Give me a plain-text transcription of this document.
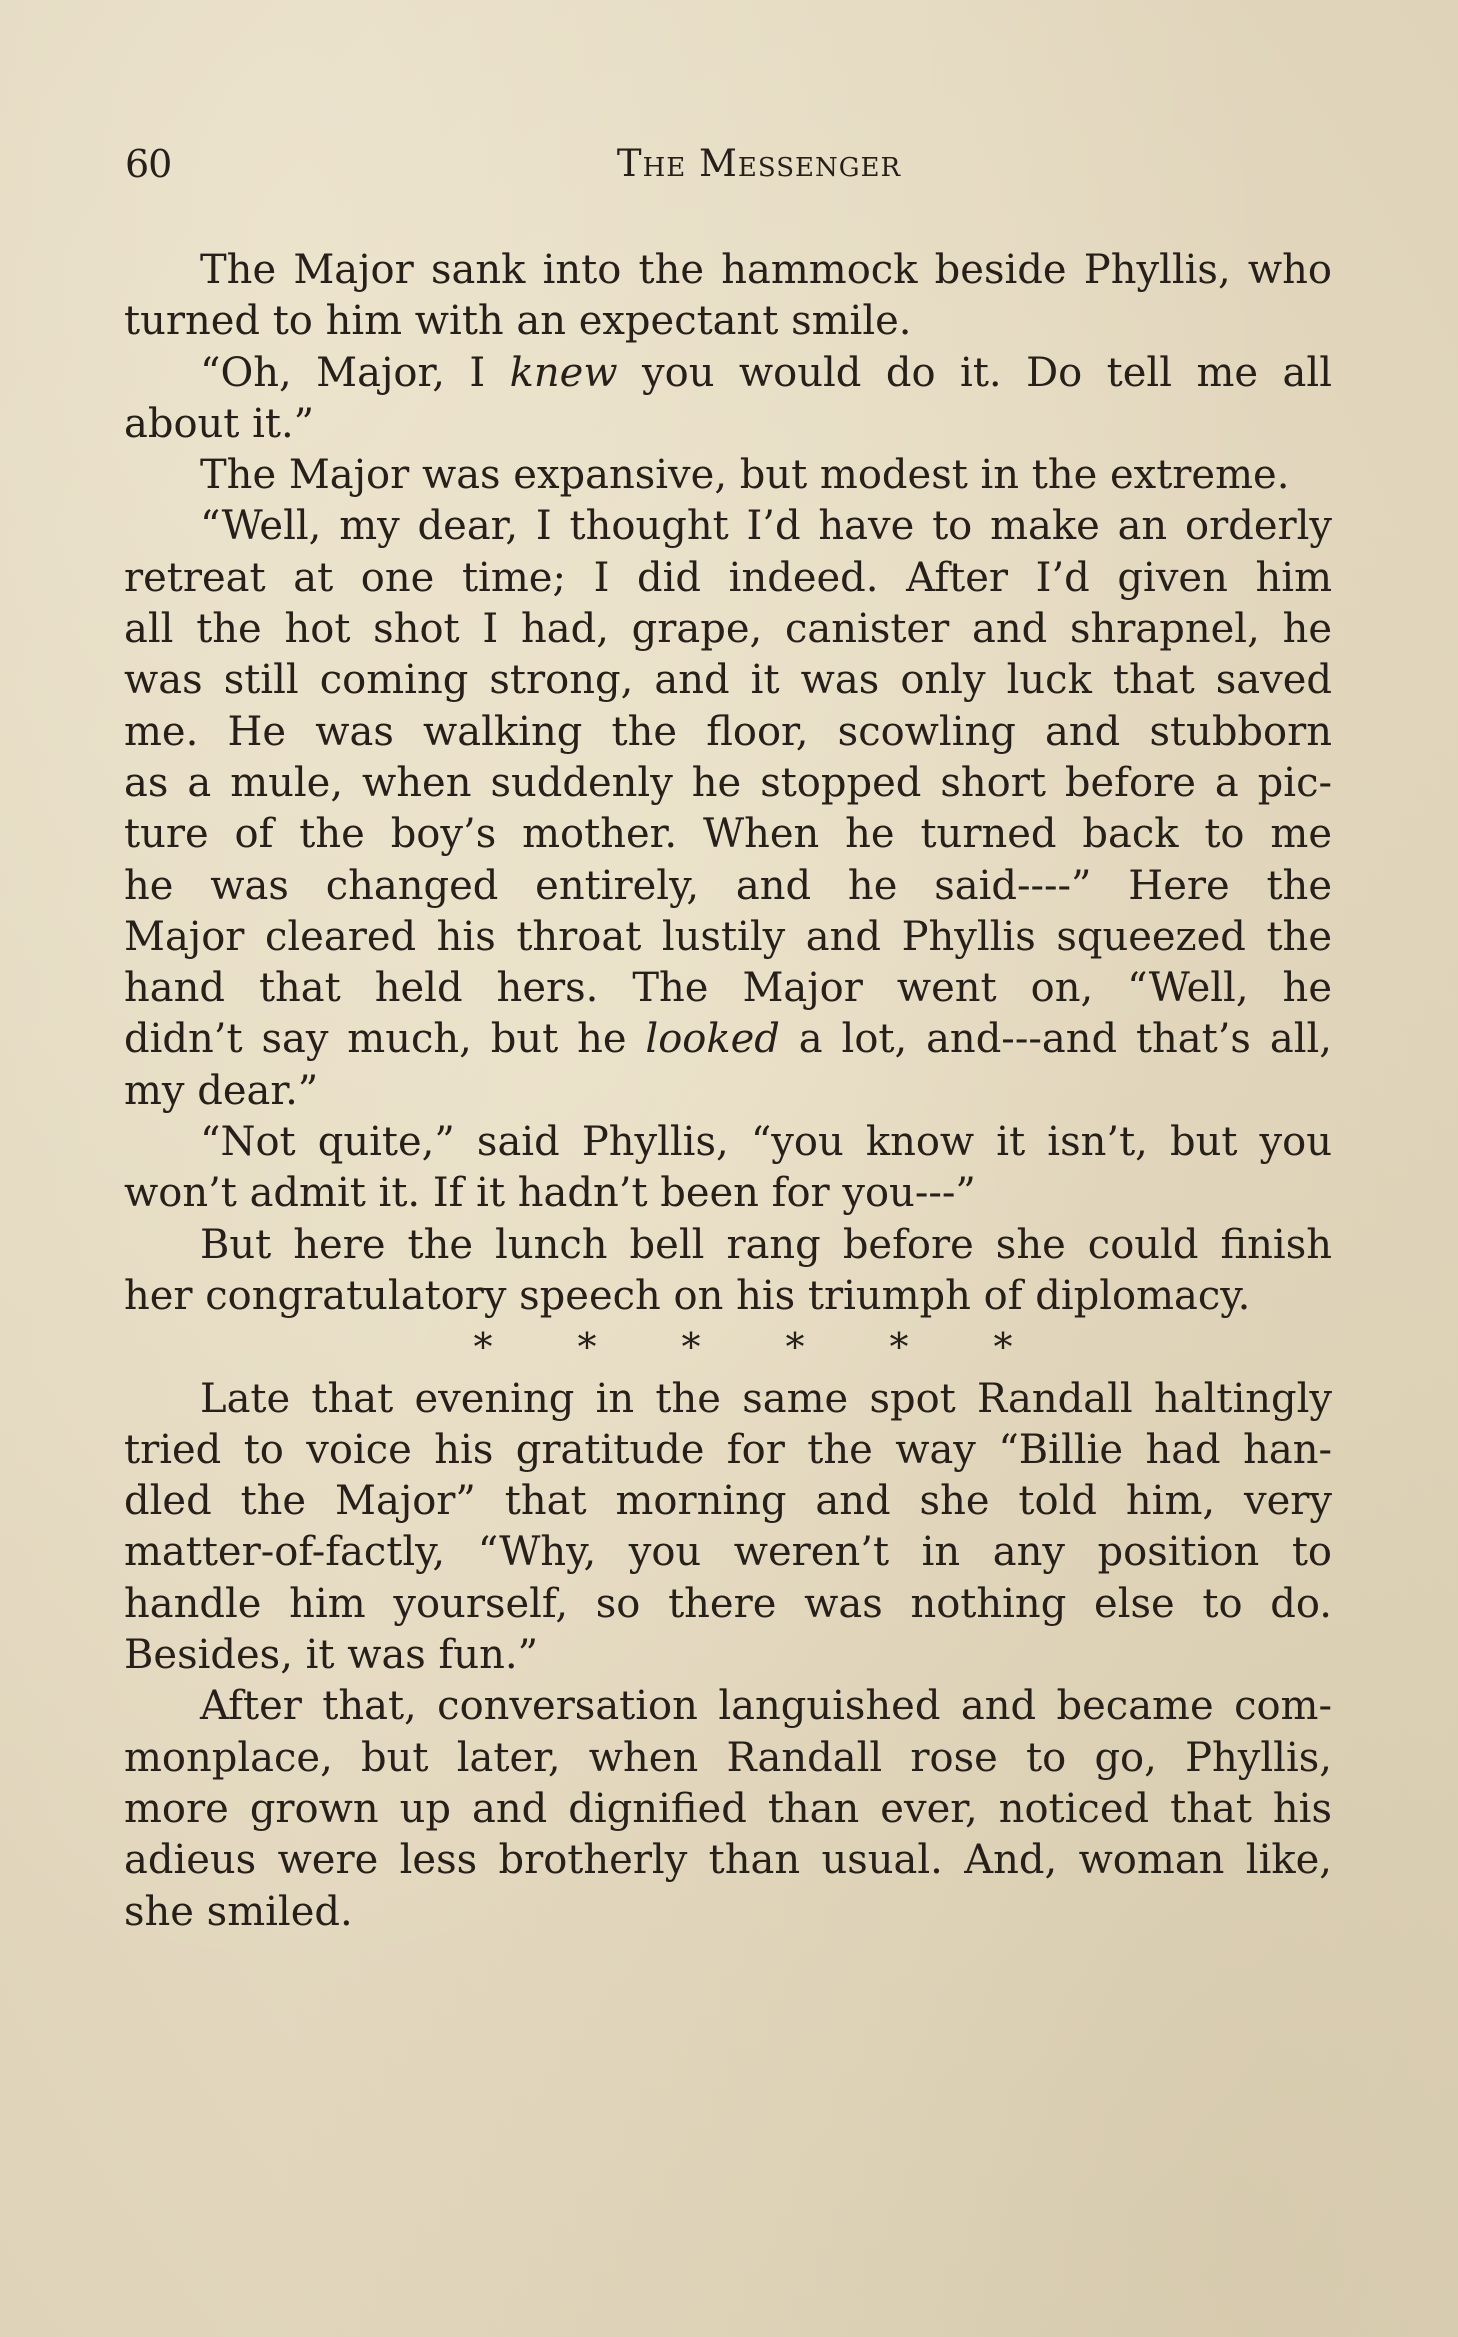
60	The Messenger
The Major sank into the hammock beside Phyllis, who
turned to him with an expectant smile.
“Oh, Major, I knew you would do it. Do tell me all
about it.”
The Major was expansive, but modest in the extreme.
“Well, my dear, I thought I’d have to make an orderly
retreat at one time; I did indeed. After I’d given him
all the hot shot I had, grape, canister and shrapnel, he
was still coming strong, and it was only luck that saved
me. He was walking the floor, scowling and stubborn
as a mule, when suddenly he stopped short before a pic-
ture of the boy’s mother. When he turned back to me
he was changed entirely, and he said----” Here the
Major cleared his throat lustily and Phyllis squeezed the
hand that held hers. The Major went on, “Well, he
didn’t say much, but he looked a lot, and---and that’s all,
my dear.”
“Not quite,” said Phyllis, “you know it isn’t, but you
won’t admit it. If it hadn’t been for you---”
But here the lunch bell rang before she could finish
her congratulatory speech on his triumph of diplomacy.
* * * * * *
Late that evening in the same spot Randall haltingly
tried to voice his gratitude for the way “Billie had han-
dled the Major” that morning and she told him, very
matter-of-factly, “Why, you weren’t in any position to
handle him yourself, so there was nothing else to do.
Besides, it was fun.”
After that, conversation languished and became com-
monplace, but later, when Randall rose to go, Phyllis,
more grown up and dignified than ever, noticed that his
adieus were less brotherly than usual. And, woman like,
she smiled.
